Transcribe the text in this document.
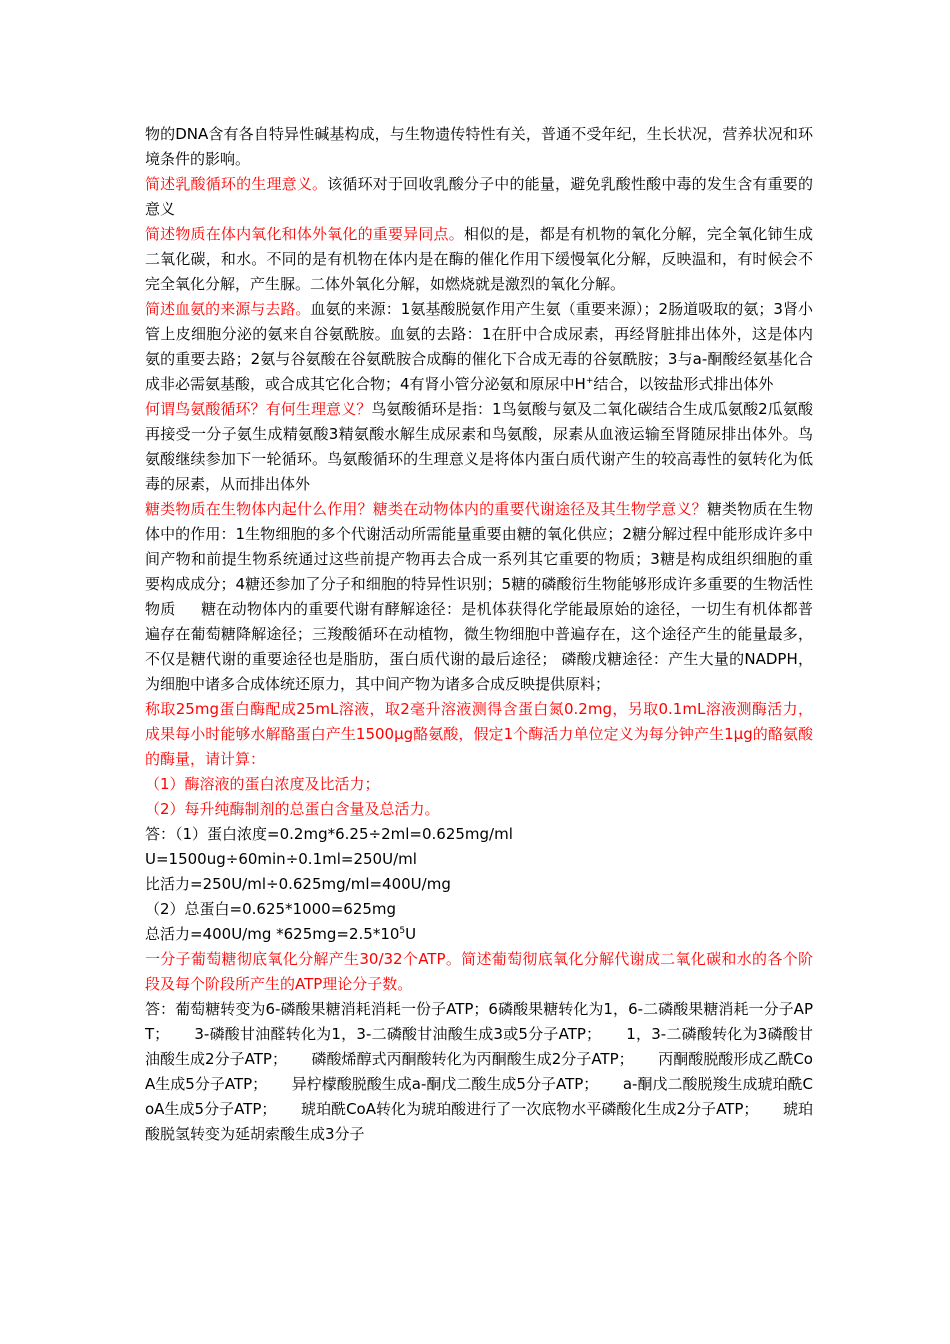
物的DNA含有各自特异性碱基构成，与生物遗传特性有关，普通不受年纪，生长状况，营养状况和环境条件的影响。

简述乳酸循环的生理意义。该循环对于回收乳酸分子中的能量，避免乳酸性酸中毒的发生含有重要的意义

简述物质在体内氧化和体外氧化的重要异同点。相似的是，都是有机物的氧化分解，完全氧化铈生成二氧化碳，和水。不同的是有机物在体内是在酶的催化作用下缓慢氧化分解，反映温和，有时候会不完全氧化分解，产生脲。二体外氧化分解，如燃烧就是激烈的氧化分解。

简述血氨的来源与去路。血氨的来源：1氨基酸脱氨作用产生氨（重要来源）；2肠道吸取的氨；3肾小管上皮细胞分泌的氨来自谷氨酰胺。血氨的去路：1在肝中合成尿素，再经肾脏排出体外，这是体内氨的重要去路；2氨与谷氨酸在谷氨酰胺合成酶的催化下合成无毒的谷氨酰胺；3与a-酮酸经氨基化合成非必需氨基酸，或合成其它化合物；4有肾小管分泌氨和原尿中H+结合，以铵盐形式排出体外

何谓鸟氨酸循环？有何生理意义？鸟氨酸循环是指：1鸟氨酸与氨及二氧化碳结合生成瓜氨酸2瓜氨酸再接受一分子氨生成精氨酸3精氨酸水解生成尿素和鸟氨酸，尿素从血液运输至肾随尿排出体外。鸟氨酸继续参加下一轮循环。鸟氨酸循环的生理意义是将体内蛋白质代谢产生的较高毒性的氨转化为低毒的尿素，从而排出体外

糖类物质在生物体内起什么作用？糖类在动物体内的重要代谢途径及其生物学意义？糖类物质在生物体中的作用：1生物细胞的多个代谢活动所需能量重要由糖的氧化供应；2糖分解过程中能形成许多中间产物和前提生物系统通过这些前提产物再去合成一系列其它重要的物质；3糖是构成组织细胞的重要构成成分；4糖还参加了分子和细胞的特异性识别；5糖的磷酸衍生物能够形成许多重要的生物活性物质 　 糖在动物体内的重要代谢有酵解途径：是机体获得化学能最原始的途径，一切生有机体都普遍存在葡萄糖降解途径；三羧酸循环在动植物，微生物细胞中普遍存在，这个途径产生的能量最多，不仅是糖代谢的重要途径也是脂肪，蛋白质代谢的最后途径； 磷酸戊糖途径：产生大量的NADPH，为细胞中诸多合成体统还原力，其中间产物为诸多合成反映提供原料；

称取25mg蛋白酶配成25mL溶液，取2毫升溶液测得含蛋白氮0.2mg，另取0.1mL溶液测酶活力，成果每小时能够水解酪蛋白产生1500μg酪氨酸，假定1个酶活力单位定义为每分钟产生1μg的酪氨酸的酶量，请计算：

（1）酶溶液的蛋白浓度及比活力；

（2）每升纯酶制剂的总蛋白含量及总活力。

答：（1）蛋白浓度=0.2mg*6.25÷2ml=0.625mg/ml

U=1500ug÷60min÷0.1ml=250U/ml

比活力=250U/ml÷0.625mg/ml=400U/mg

（2）总蛋白=0.625*1000=625mg

总活力=400U/mg $*625mg=2.5*10^5U$

一分子葡萄糖彻底氧化分解产生30/32个ATP。简述葡萄彻底氧化分解代谢成二氧化碳和水的各个阶段及每个阶段所产生的ATP理论分子数。

答：葡萄糖转变为6-磷酸果糖消耗消耗一份子ATP；6磷酸果糖转化为1，6-二磷酸果糖消耗一分子APT； 　 3-磷酸甘油醛转化为1，3-二磷酸甘油酸生成3或5分子ATP； 　 1，3-二磷酸转化为3磷酸甘油酸生成2分子ATP； 　 磷酸烯醇式丙酮酸转化为丙酮酸生成2分子ATP； 　 丙酮酸脱酸形成乙酰CoA生成5分子ATP； 　 异柠檬酸脱酸生成a-酮戊二酸生成5分子ATP； 　 a-酮戊二酸脱羧生成琥珀酰CoA生成5分子ATP； 　 琥珀酰CoA转化为琥珀酸进行了一次底物水平磷酸化生成2分子ATP； 　 琥珀酸脱氢转变为延胡索酸生成3分子
